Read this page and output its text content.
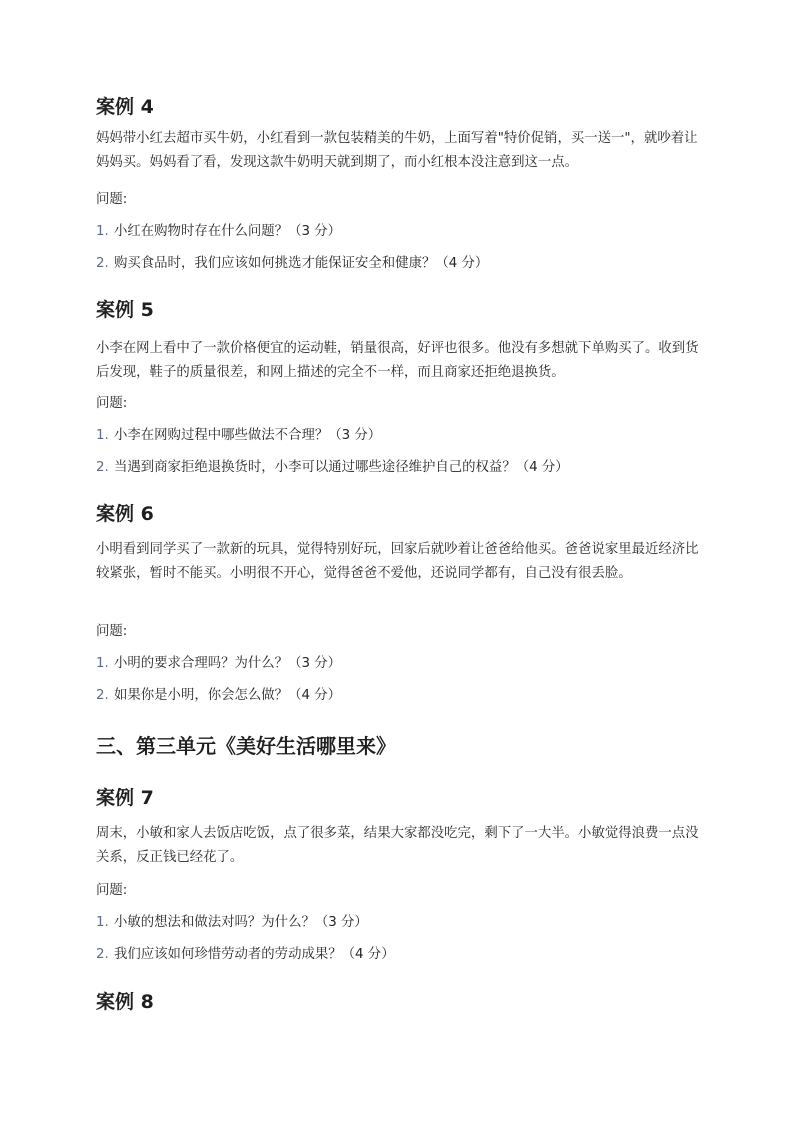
案例 4

妈妈带小红去超市买牛奶，小红看到一款包装精美的牛奶，上面写着"特价促销，买一送一"，就吵着让妈妈买。妈妈看了看，发现这款牛奶明天就到期了，而小红根本没注意到这一点。

问题:

1. 小红在购物时存在什么问题？（3 分）

2. 购买食品时，我们应该如何挑选才能保证安全和健康？（4 分）

案例 5

小李在网上看中了一款价格便宜的运动鞋，销量很高，好评也很多。他没有多想就下单购买了。收到货后发现，鞋子的质量很差，和网上描述的完全不一样，而且商家还拒绝退换货。

问题:

1. 小李在网购过程中哪些做法不合理？（3 分）

2. 当遇到商家拒绝退换货时，小李可以通过哪些途径维护自己的权益？（4 分）

案例 6

小明看到同学买了一款新的玩具，觉得特别好玩，回家后就吵着让爸爸给他买。爸爸说家里最近经济比较紧张，暂时不能买。小明很不开心，觉得爸爸不爱他，还说同学都有，自己没有很丢脸。

问题:

1. 小明的要求合理吗？为什么？（3 分）

2. 如果你是小明，你会怎么做？（4 分）

三、第三单元《美好生活哪里来》
案例 7

周末，小敏和家人去饭店吃饭，点了很多菜，结果大家都没吃完，剩下了一大半。小敏觉得浪费一点没关系，反正钱已经花了。

问题:

1. 小敏的想法和做法对吗？为什么？（3 分）

2. 我们应该如何珍惜劳动者的劳动成果？（4 分）

案例 8
